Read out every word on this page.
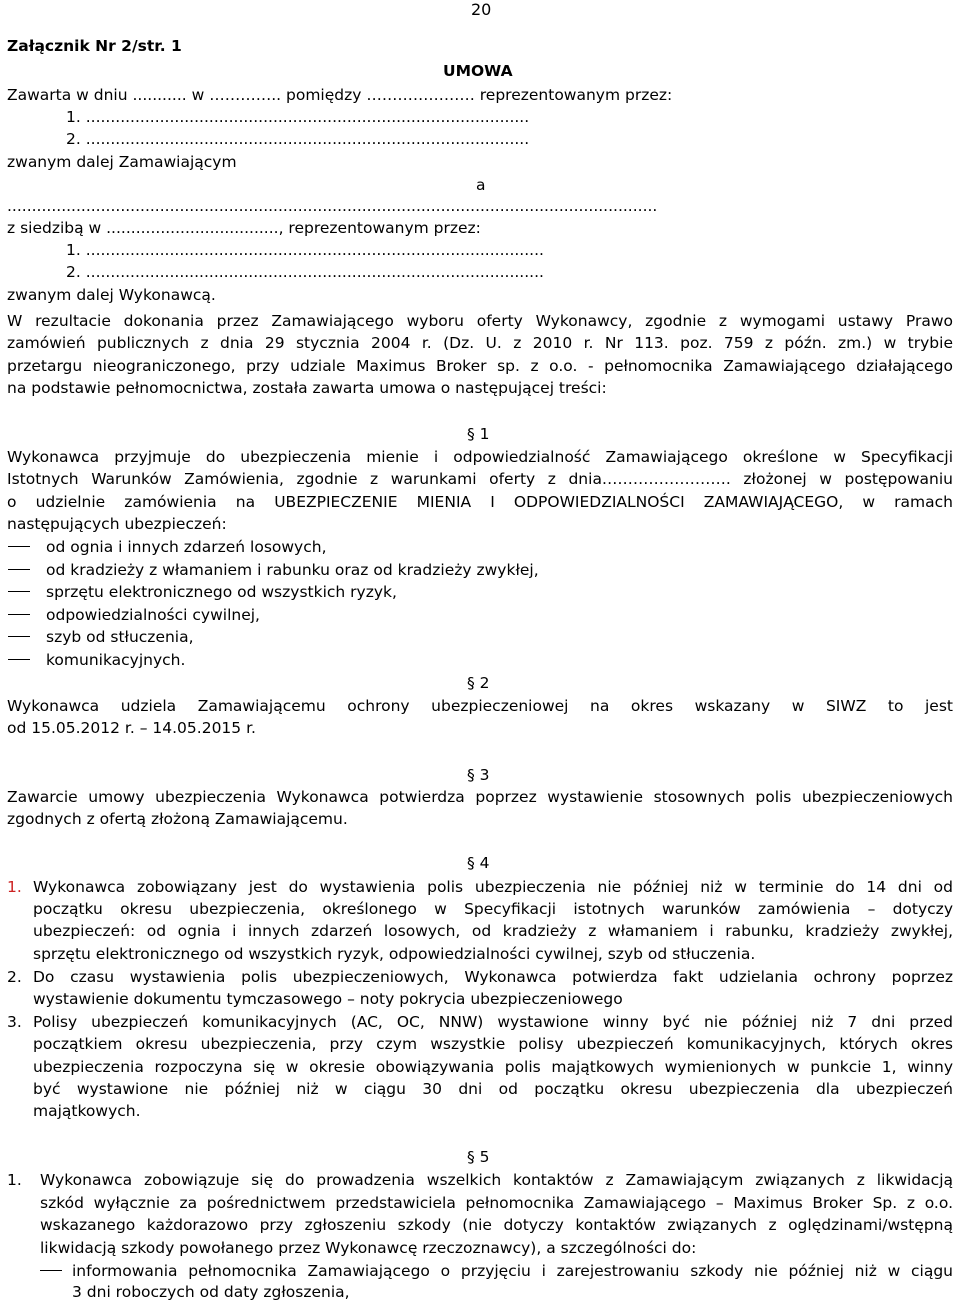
20
Załącznik Nr 2/str. 1
UMOWA
Zawarta w dniu ........... w ………….. pomiędzy ………………… reprezentowanym przez:
1. ..........................................................................................
2. ..........................................................................................
zwanym dalej Zamawiającym
a
....................................................................................................................................
z siedzibą w ..................................., reprezentowanym przez:
1. .............................................................................................
2. .............................................................................................
zwanym dalej Wykonawcą.
W rezultacie dokonania przez Zamawiającego wyboru oferty Wykonawcy, zgodnie z wymogami ustawy Prawo
zamówień publicznych z dnia 29 stycznia 2004 r. (Dz. U. z 2010 r. Nr 113. poz. 759 z późn. zm.) w trybie
przetargu nieograniczonego, przy udziale Maximus Broker sp. z o.o. - pełnomocnika Zamawiającego działającego
na podstawie pełnomocnictwa, została zawarta umowa o następującej treści:
§ 1
Wykonawca przyjmuje do ubezpieczenia mienie i odpowiedzialność Zamawiającego określone w Specyfikacji
Istotnych Warunków Zamówienia, zgodnie z warunkami oferty z dnia……………………. złożonej w postępowaniu
o udzielnie zamówienia na UBEZPIECZENIE MIENIA I ODPOWIEDZIALNOŚCI ZAMAWIAJĄCEGO, w ramach
następujących ubezpieczeń:
od ognia i innych zdarzeń losowych,
od kradzieży z włamaniem i rabunku oraz od kradzieży zwykłej,
sprzętu elektronicznego od wszystkich ryzyk,
odpowiedzialności cywilnej,
szyb od stłuczenia,
komunikacyjnych.
§ 2
Wykonawca udziela Zamawiającemu ochrony ubezpieczeniowej na okres wskazany w SIWZ to jest
od 15.05.2012 r. – 14.05.2015 r.
§ 3
Zawarcie umowy ubezpieczenia Wykonawca potwierdza poprzez wystawienie stosownych polis ubezpieczeniowych
zgodnych z ofertą złożoną Zamawiającemu.
§ 4
1. Wykonawca zobowiązany jest do wystawienia polis ubezpieczenia nie później niż w terminie do 14 dni od
początku okresu ubezpieczenia, określonego w Specyfikacji istotnych warunków zamówienia – dotyczy
ubezpieczeń: od ognia i innych zdarzeń losowych, od kradzieży z włamaniem i rabunku, kradzieży zwykłej,
sprzętu elektronicznego od wszystkich ryzyk, odpowiedzialności cywilnej, szyb od stłuczenia.
2. Do czasu wystawienia polis ubezpieczeniowych, Wykonawca potwierdza fakt udzielania ochrony poprzez
wystawienie dokumentu tymczasowego – noty pokrycia ubezpieczeniowego
3. Polisy ubezpieczeń komunikacyjnych (AC, OC, NNW) wystawione winny być nie później niż 7 dni przed
początkiem okresu ubezpieczenia, przy czym wszystkie polisy ubezpieczeń komunikacyjnych, których okres
ubezpieczenia rozpoczyna się w okresie obowiązywania polis majątkowych wymienionych w punkcie 1, winny
być wystawione nie później niż w ciągu 30 dni od początku okresu ubezpieczenia dla ubezpieczeń
majątkowych.
§ 5
1. Wykonawca zobowiązuje się do prowadzenia wszelkich kontaktów z Zamawiającym związanych z likwidacją
szkód wyłącznie za pośrednictwem przedstawiciela pełnomocnika Zamawiającego – Maximus Broker Sp. z o.o.
wskazanego każdorazowo przy zgłoszeniu szkody (nie dotyczy kontaktów związanych z oględzinami/wstępną
likwidacją szkody powołanego przez Wykonawcę rzeczoznawcy), a szczególności do:
informowania pełnomocnika Zamawiającego o przyjęciu i zarejestrowaniu szkody nie później niż w ciągu
3 dni roboczych od daty zgłoszenia,
